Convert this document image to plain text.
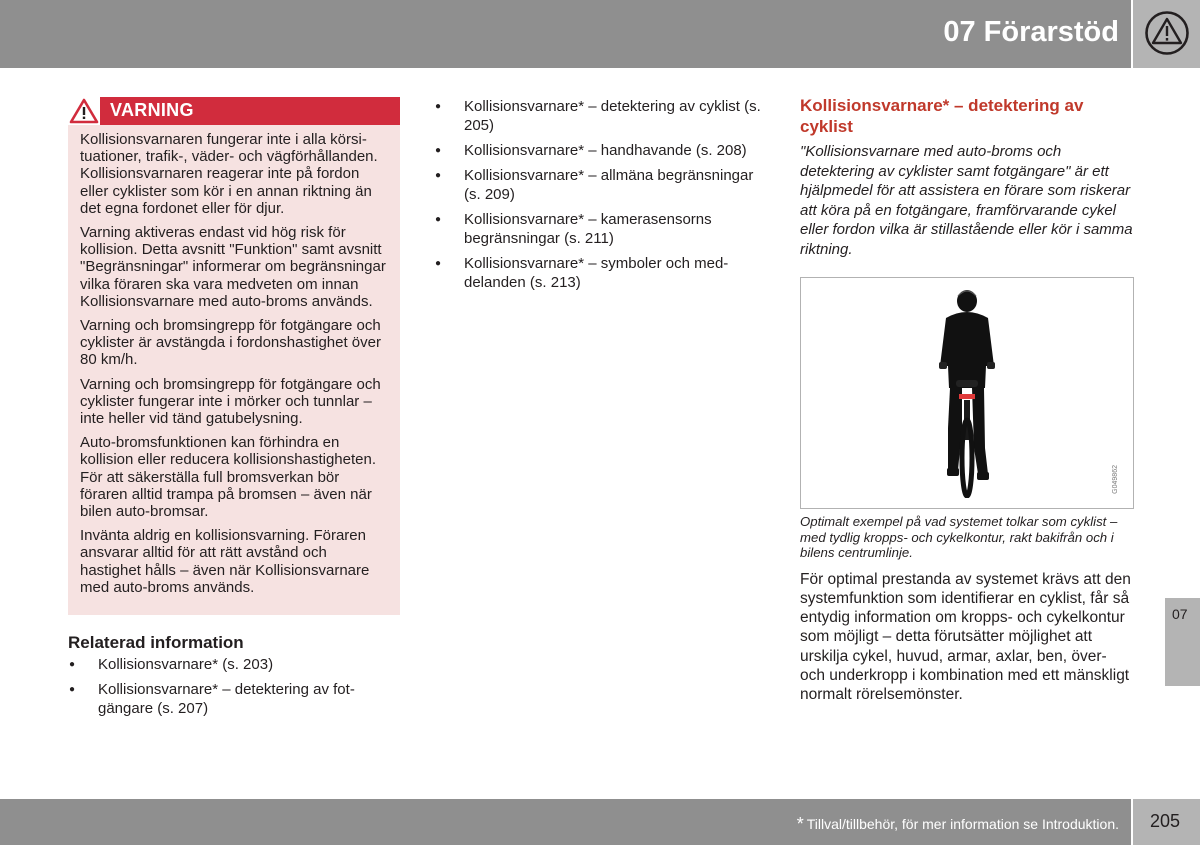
07 Förarstöd
VARNING

Kollisionsvarnaren fungerar inte i alla körsituationer, trafik-, väder- och vägförhållanden. Kollisionsvarnaren reagerar inte på fordon eller cyklister som kör i en annan riktning än det egna fordonet eller för djur.

Varning aktiveras endast vid hög risk för kollision. Detta avsnitt "Funktion" samt avsnitt "Begränsningar" informerar om begränsningar vilka föraren ska vara medveten om innan Kollisionsvarnare med auto-broms används.

Varning och bromsingrepp för fotgängare och cyklister är avstängda i fordonshastighet över 80 km/h.

Varning och bromsingrepp för fotgängare och cyklister fungerar inte i mörker och tunnlar – inte heller vid tänd gatubelysning.

Auto-bromsfunktionen kan förhindra en kollision eller reducera kollisionshastigheten. För att säkerställa full bromsverkan bör föraren alltid trampa på bromsen – även när bilen auto-bromsar.

Invänta aldrig en kollisionsvarning. Föraren ansvarar alltid för att rätt avstånd och hastighet hålls – även när Kollisionsvarnare med auto-broms används.

Relaterad information
● Kollisionsvarnare* (s. 203)
● Kollisionsvarnare* – detektering av fotgängare (s. 207)
● Kollisionsvarnare* – detektering av cyklist (s. 205)
● Kollisionsvarnare* – handhavande (s. 208)
● Kollisionsvarnare* – allmäna begränsningar (s. 209)
● Kollisionsvarnare* – kamerasensorns begränsningar (s. 211)
● Kollisionsvarnare* – symboler och meddelanden (s. 213)
Kollisionsvarnare* – detektering av cyklist

"Kollisionsvarnare med auto-broms och detektering av cyklister samt fotgängare" är ett hjälpmedel för att assistera en förare som riskerar att köra på en fotgängare, framförvarande cykel eller fordon vilka är stillastående eller kör i samma riktning.

G049862
Optimalt exempel på vad systemet tolkar som cyklist – med tydlig kropps- och cykelkontur, rakt bakifrån och i bilens centrumlinje.
För optimal prestanda av systemet krävs att den systemfunktion som identifierar en cyklist, får så entydig information om kropps- och cykelkontur som möjligt – detta förutsätter möjlighet att urskilja cykel, huvud, armar, axlar, ben, över- och underkropp i kombination med ett mänskligt normalt rörelsemönster.
07
* Tillval/tillbehör, för mer information se Introduktion. 205
